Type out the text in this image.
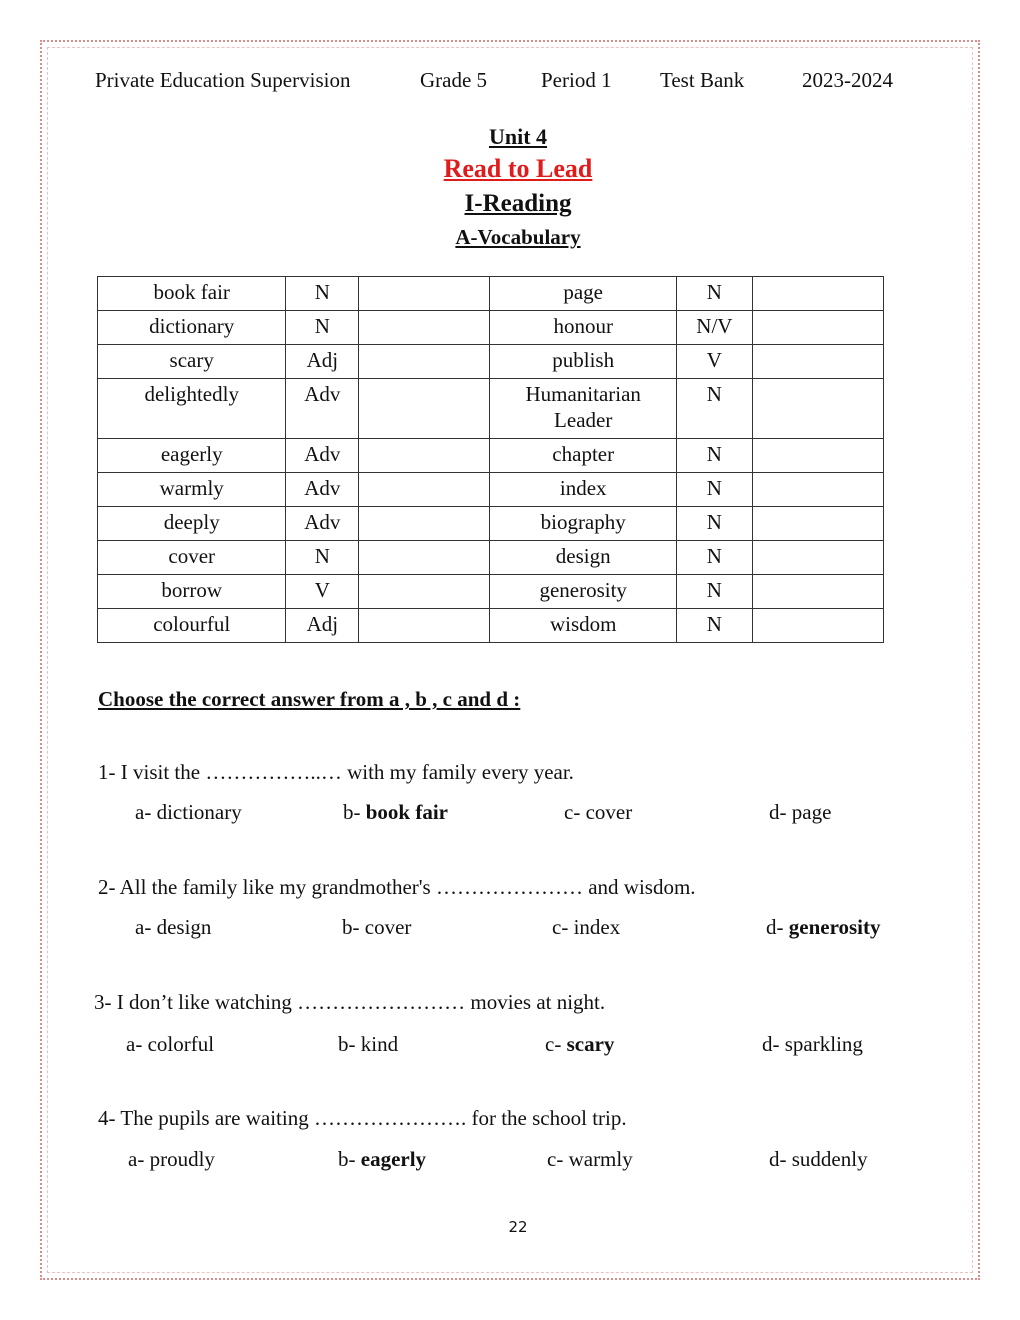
Private Education Supervision	Grade 5	Period 1 Test Bank	2023-2024
Unit 4
Read to Lead
I-Reading
A-Vocabulary
book fair	N		page	N	
dictionary	N		honour	N/V	
scary	Adj		publish	V	
delightedly	Adv		Humanitarian Leader	N	
eagerly	Adv		chapter	N	
warmly	Adv		index	N	
deeply	Adv		biography	N	
cover	N		design	N	
borrow	V		generosity	N	
colourful	Adj		wisdom	N	
Choose the correct answer from a , b , c and d :
1- I visit the ……………..… with my family every year.
a- dictionary	b- book fair	c- cover	d- page
2- All the family like my grandmother's ………………… and wisdom.
a- design	b- cover	c- index	d- generosity
3- I don’t like watching …………………… movies at night.
a- colorful	b- kind	c- scary	d- sparkling
4- The pupils are waiting …………………. for the school trip.
a- proudly	b- eagerly	c- warmly	d- suddenly
22
